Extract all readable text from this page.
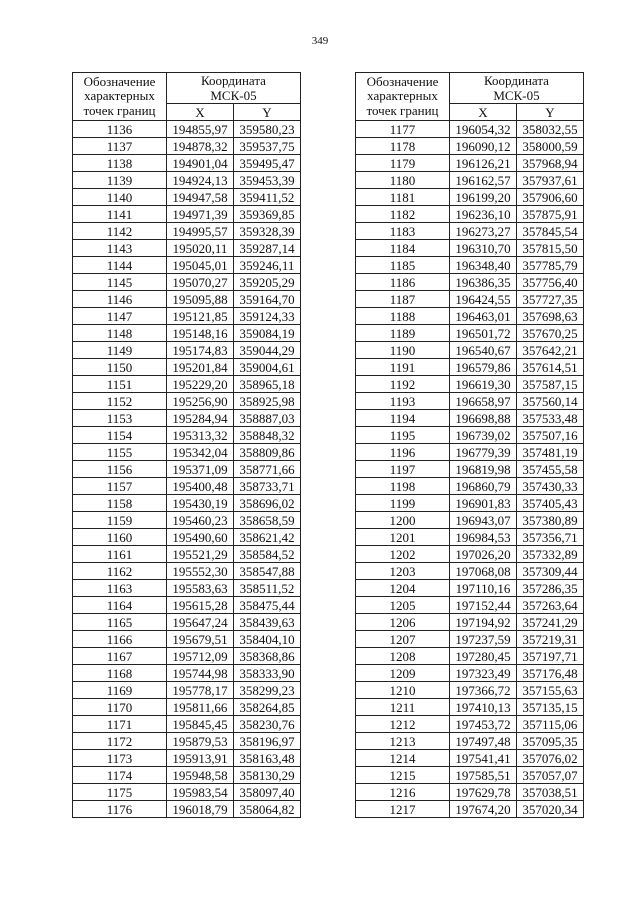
349
Обозначение
характерных
точек границ	Координата
МСК-05	
	X	Y
1136	194855,97	359580,23
1137	194878,32	359537,75
1138	194901,04	359495,47
1139	194924,13	359453,39
1140	194947,58	359411,52
1141	194971,39	359369,85
1142	194995,57	359328,39
1143	195020,11	359287,14
1144	195045,01	359246,11
1145	195070,27	359205,29
1146	195095,88	359164,70
1147	195121,85	359124,33
1148	195148,16	359084,19
1149	195174,83	359044,29
1150	195201,84	359004,61
1151	195229,20	358965,18
1152	195256,90	358925,98
1153	195284,94	358887,03
1154	195313,32	358848,32
1155	195342,04	358809,86
1156	195371,09	358771,66
1157	195400,48	358733,71
1158	195430,19	358696,02
1159	195460,23	358658,59
1160	195490,60	358621,42
1161	195521,29	358584,52
1162	195552,30	358547,88
1163	195583,63	358511,52
1164	195615,28	358475,44
1165	195647,24	358439,63
1166	195679,51	358404,10
1167	195712,09	358368,86
1168	195744,98	358333,90
1169	195778,17	358299,23
1170	195811,66	358264,85
1171	195845,45	358230,76
1172	195879,53	358196,97
1173	195913,91	358163,48
1174	195948,58	358130,29
1175	195983,54	358097,40
1176	196018,79	358064,82
Обозначение
характерных
точек границ	Координата
МСК-05	
	X	Y
1177	196054,32	358032,55
1178	196090,12	358000,59
1179	196126,21	357968,94
1180	196162,57	357937,61
1181	196199,20	357906,60
1182	196236,10	357875,91
1183	196273,27	357845,54
1184	196310,70	357815,50
1185	196348,40	357785,79
1186	196386,35	357756,40
1187	196424,55	357727,35
1188	196463,01	357698,63
1189	196501,72	357670,25
1190	196540,67	357642,21
1191	196579,86	357614,51
1192	196619,30	357587,15
1193	196658,97	357560,14
1194	196698,88	357533,48
1195	196739,02	357507,16
1196	196779,39	357481,19
1197	196819,98	357455,58
1198	196860,79	357430,33
1199	196901,83	357405,43
1200	196943,07	357380,89
1201	196984,53	357356,71
1202	197026,20	357332,89
1203	197068,08	357309,44
1204	197110,16	357286,35
1205	197152,44	357263,64
1206	197194,92	357241,29
1207	197237,59	357219,31
1208	197280,45	357197,71
1209	197323,49	357176,48
1210	197366,72	357155,63
1211	197410,13	357135,15
1212	197453,72	357115,06
1213	197497,48	357095,35
1214	197541,41	357076,02
1215	197585,51	357057,07
1216	197629,78	357038,51
1217	197674,20	357020,34
